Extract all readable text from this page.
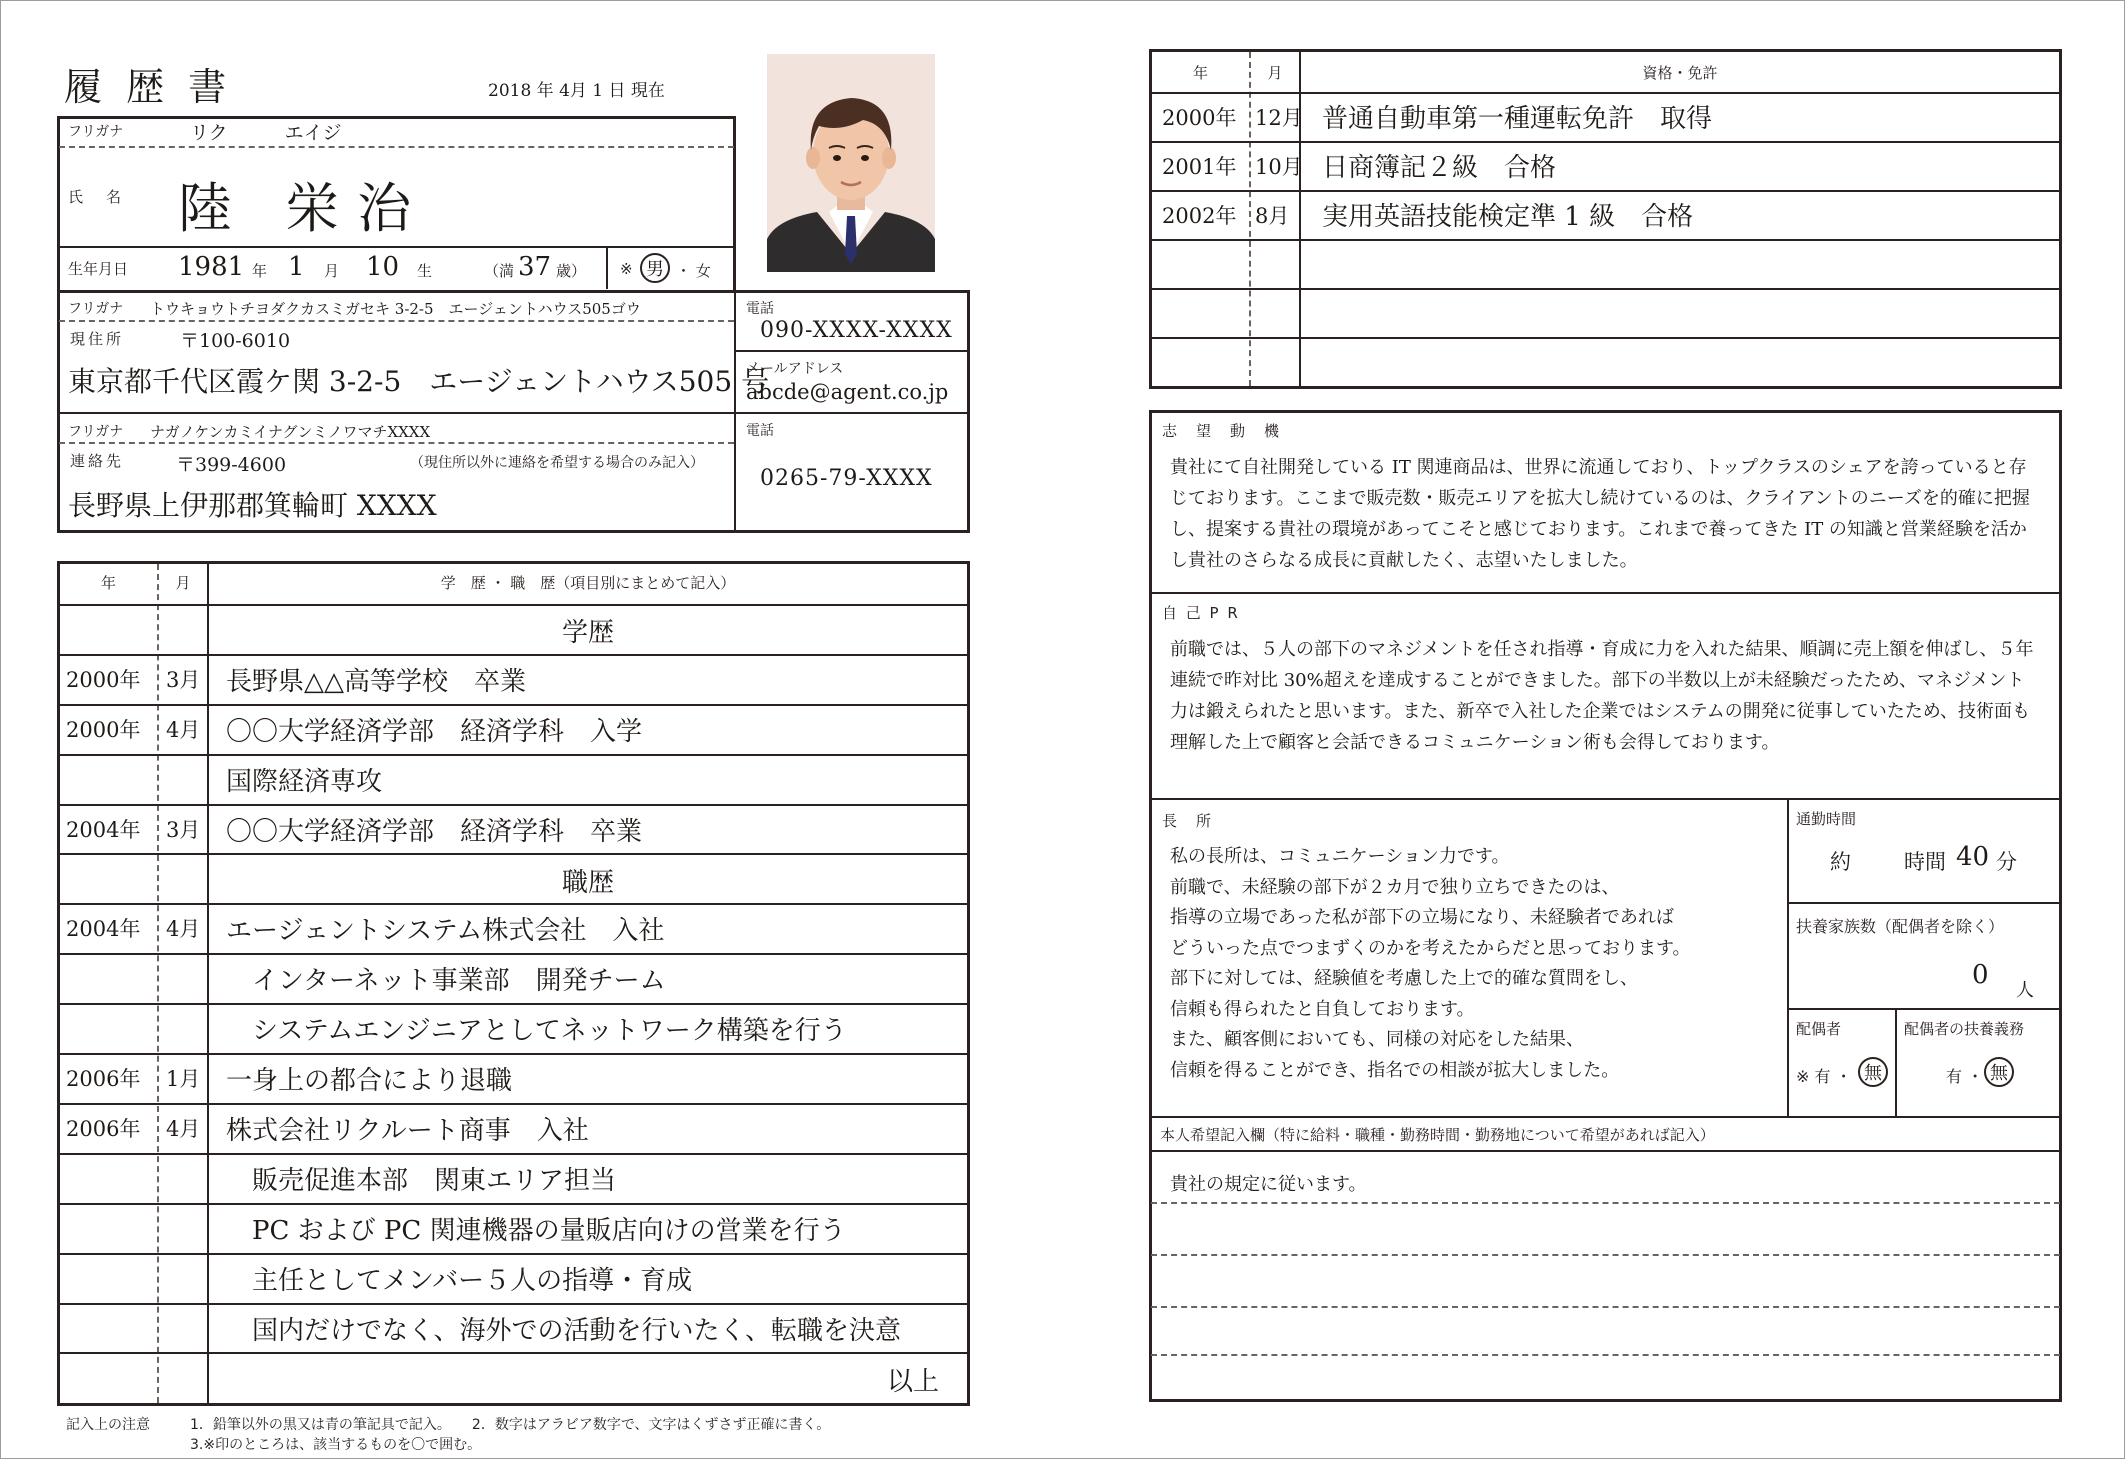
履 歴 書	2018 年 4月 1 日 現在
フリガナ	リク　　　エイジ
氏　名 陸 栄治
生年月日 1981 年 1 月 10 生	（満 37 歳） ※ 男 ・ 女
フリガナ トウキョウトチヨダクカスミガセキ 3-2-5　エージェントハウス505ゴウ
現住所	〒100-6010
東京都千代区霞ケ関 3-2-5　エージェントハウス505 号
電話
090-XXXX-XXXX
メールアドレス
abcde@agent.co.jp
フリガナ ナガノケンカミイナグンミノワマチXXXX
連絡先	〒399-4600	（現住所以外に連絡を希望する場合のみ記入）
長野県上伊那郡箕輪町 XXXX
電話
0265-79-XXXX
年	月	学　歴 ・ 職　歴（項目別にまとめて記入）
学歴
2000年 3月 長野県△△高等学校　卒業
2000年 4月 〇〇大学経済学部　経済学科　入学
国際経済専攻
2004年 3月 〇〇大学経済学部　経済学科　卒業
職歴
2004年 4月 エージェントシステム株式会社　入社
　インターネット事業部　開発チーム
　システムエンジニアとしてネットワーク構築を行う
2006年 1月 一身上の都合により退職
2006年 4月 株式会社リクルート商事　入社
　販売促進本部　関東エリア担当
　PC および PC 関連機器の量販店向けの営業を行う
　主任としてメンバー５人の指導・育成
　国内だけでなく、海外での活動を行いたく、転職を決意
以上
記入上の注意	1．鉛筆以外の黒又は青の筆記具で記入。　　2．数字はアラビア数字で、文字はくずさず正確に書く。
3.※印のところは、該当するものを〇で囲む。
年	月	資格・免許
2000年 12月 普通自動車第一種運転免許　取得
2001年 10月 日商簿記２級　合格
2002年 8月 実用英語技能検定準 1 級　合格
志　望　動　機
貴社にて自社開発している IT 関連商品は、世界に流通しており、トップクラスのシェアを誇っていると存じております。ここまで販売数・販売エリアを拡大し続けているのは、クライアントのニーズを的確に把握し、提案する貴社の環境があってこそと感じております。これまで養ってきた IT の知識と営業経験を活かし貴社のさらなる成長に貢献したく、志望いたしました。
自 己 P R
前職では、５人の部下のマネジメントを任され指導・育成に力を入れた結果、順調に売上額を伸ばし、５年連続で昨対比 30%超えを達成することができました。部下の半数以上が未経験だったため、マネジメント力は鍛えられたと思います。また、新卒で入社した企業ではシステムの開発に従事していたため、技術面も理解した上で顧客と会話できるコミュニケーション術も会得しております。
長　所
私の長所は、コミュニケーション力です。
前職で、未経験の部下が２カ月で独り立ちできたのは、
指導の立場であった私が部下の立場になり、未経験者であれば
どういった点でつまずくのかを考えたからだと思っております。
部下に対しては、経験値を考慮した上で的確な質問をし、
信頼も得られたと自負しております。
また、顧客側においても、同様の対応をした結果、
信頼を得ることができ、指名での相談が拡大しました。
通勤時間
約	時間 40 分
扶養家族数（配偶者を除く）
0
人
配偶者
※ 有 ・ 無
配偶者の扶養義務
有 ・ 無
本人希望記入欄（特に給料・職種・勤務時間・勤務地について希望があれば記入）
貴社の規定に従います。
